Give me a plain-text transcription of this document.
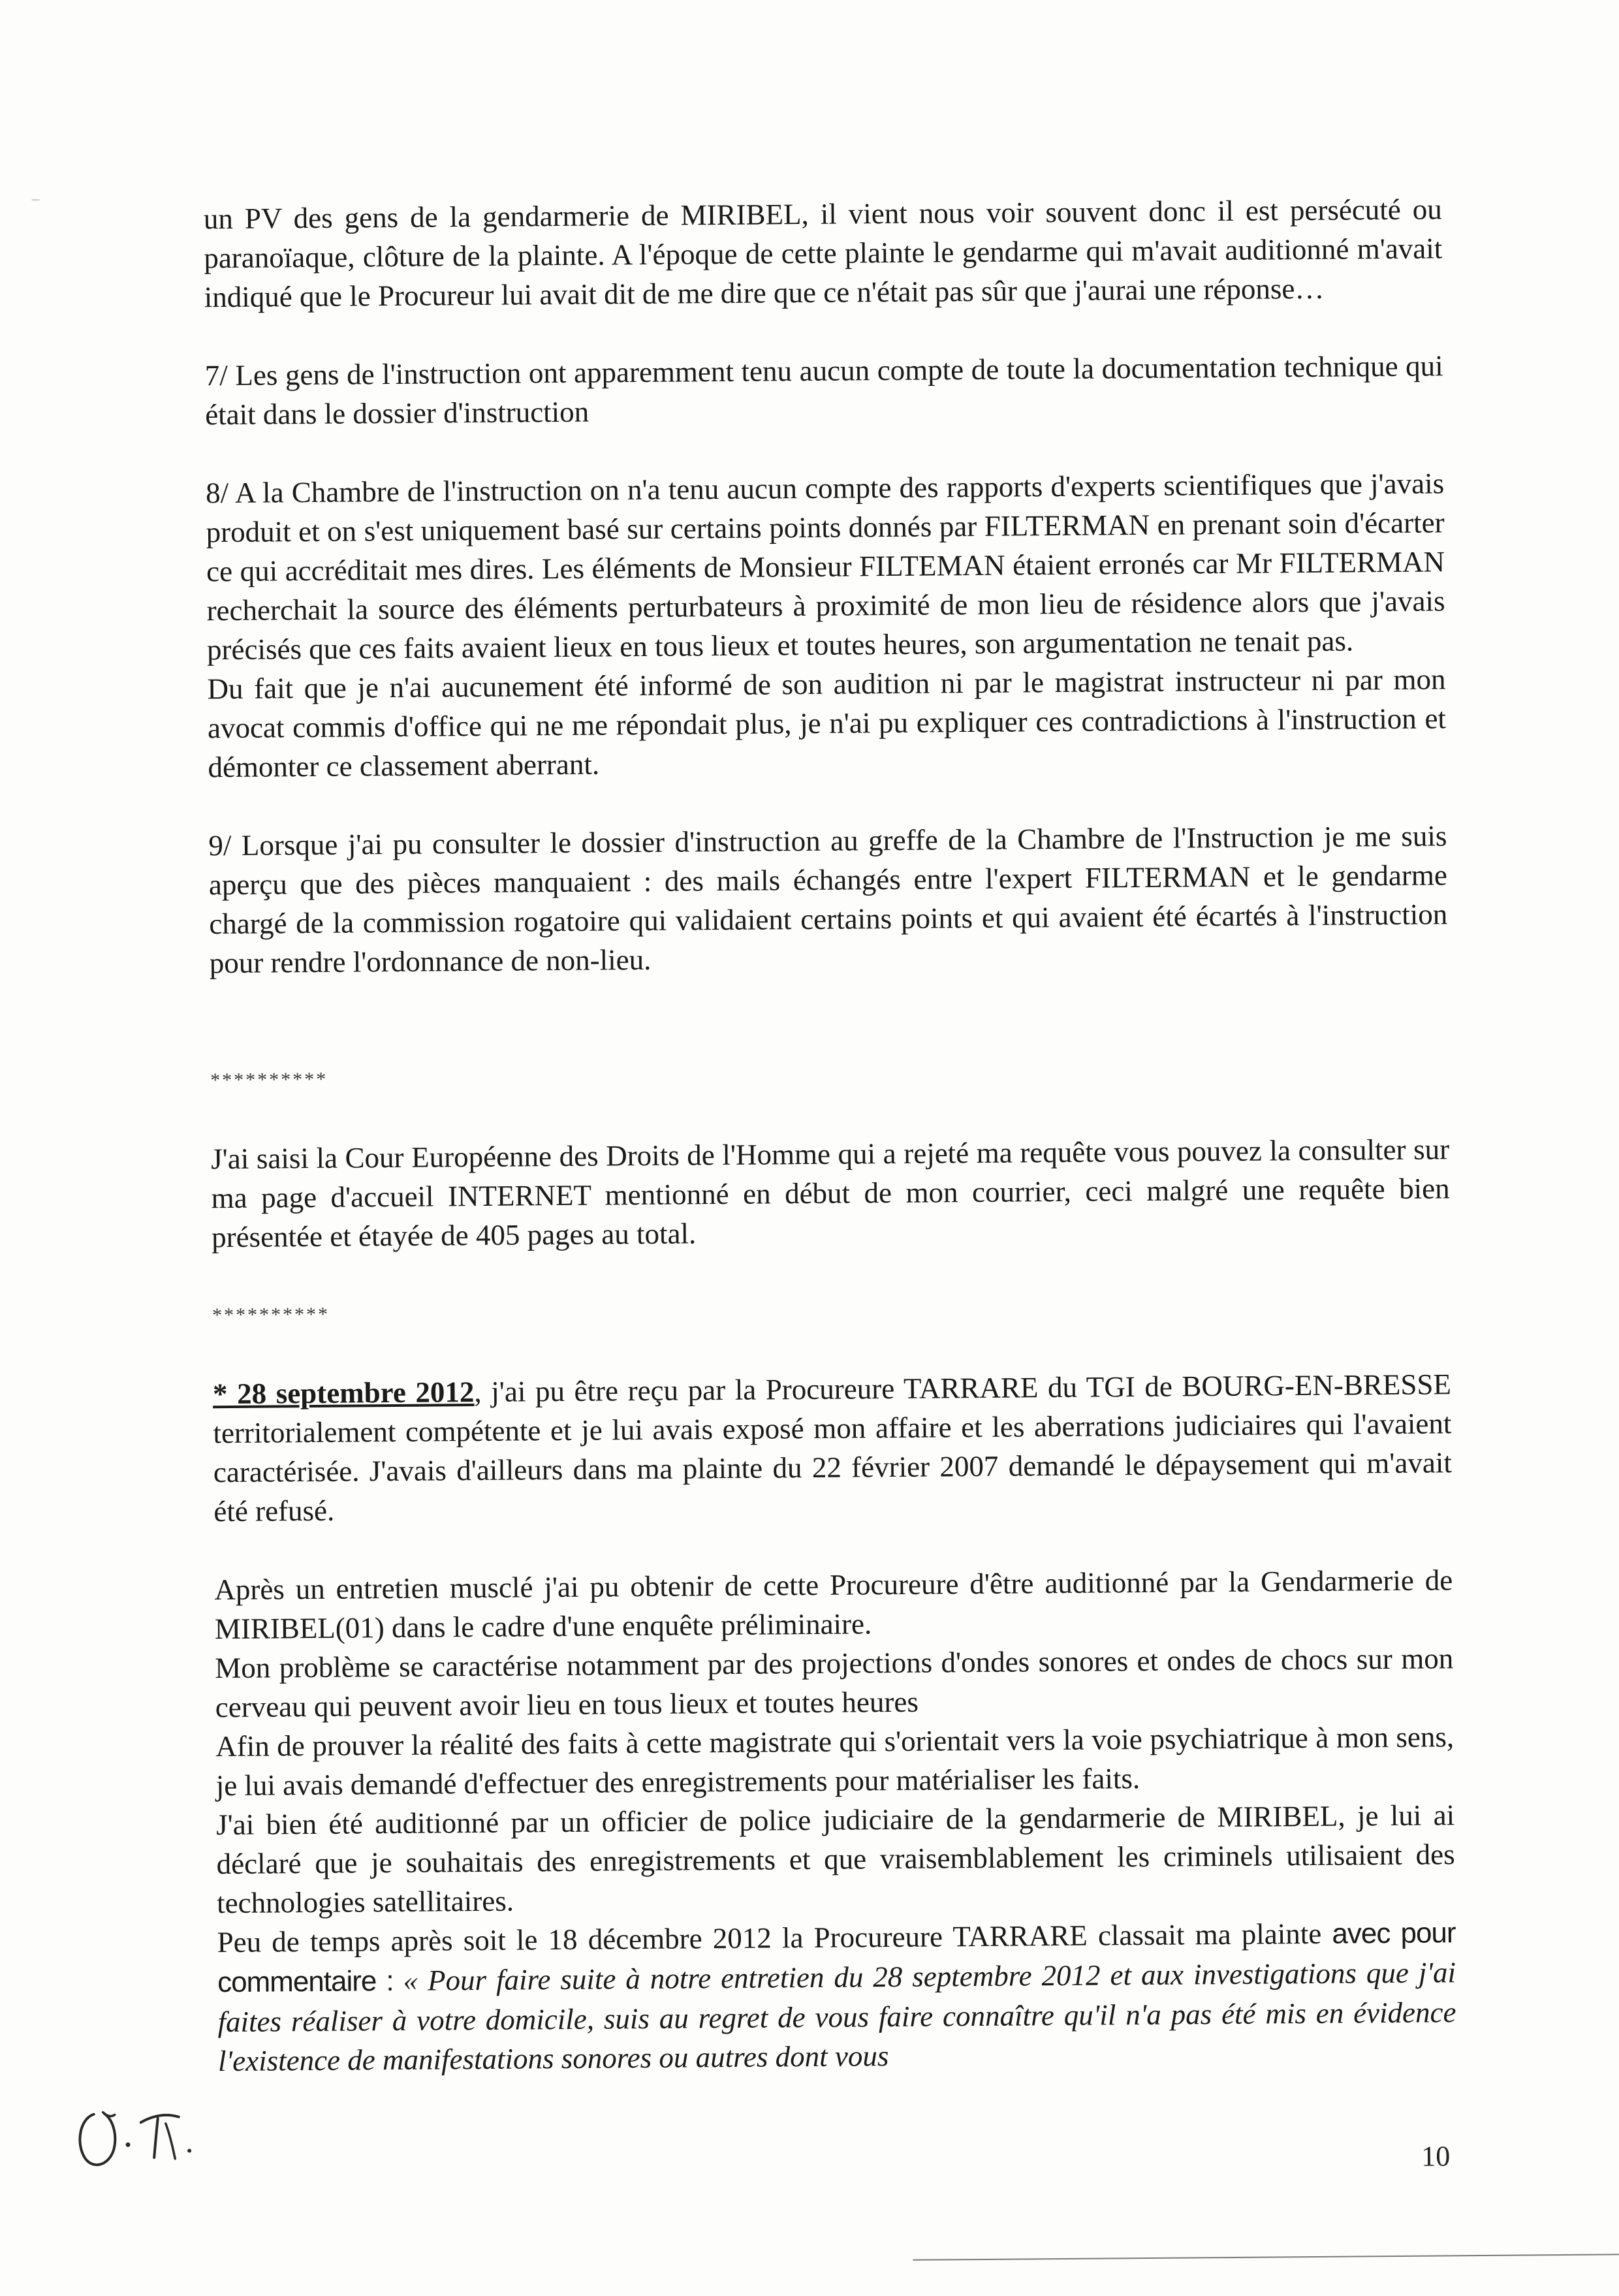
un PV des gens de la gendarmerie de MIRIBEL, il vient nous voir souvent donc il est persécuté ou paranoïaque, clôture de la plainte. A l'époque de cette plainte le gendarme qui m'avait auditionné m'avait indiqué que le Procureur lui avait dit de me dire que ce n'était pas sûr que j'aurai une réponse…

7/ Les gens de l'instruction ont apparemment tenu aucun compte de toute la documentation technique qui était dans le dossier d'instruction

8/ A la Chambre de l'instruction on n'a tenu aucun compte des rapports d'experts scientifiques que j'avais produit et on s'est uniquement basé sur certains points donnés par FILTERMAN en prenant soin d'écarter ce qui accréditait mes dires. Les éléments de Monsieur FILTEMAN étaient erronés car Mr FILTERMAN recherchait la source des éléments perturbateurs à proximité de mon lieu de résidence alors que j'avais précisés que ces faits avaient lieux en tous lieux et toutes heures, son argumentation ne tenait pas.

Du fait que je n'ai aucunement été informé de son audition ni par le magistrat instructeur ni par mon avocat commis d'office qui ne me répondait plus, je n'ai pu expliquer ces contradictions à l'instruction et démonter ce classement aberrant.

9/ Lorsque j'ai pu consulter le dossier d'instruction au greffe de la Chambre de l'Instruction je me suis aperçu que des pièces manquaient : des mails échangés entre l'expert FILTERMAN et le gendarme chargé de la commission rogatoire qui validaient certains points et qui avaient été écartés à l'instruction pour rendre l'ordonnance de non-lieu.

**********

J'ai saisi la Cour Européenne des Droits de l'Homme qui a rejeté ma requête vous pouvez la consulter sur ma page d'accueil INTERNET mentionné en début de mon courrier, ceci malgré une requête bien présentée et étayée de 405 pages au total.

**********

* 28 septembre 2012, j'ai pu être reçu par la Procureure TARRARE du TGI de BOURG-EN-BRESSE territorialement compétente et je lui avais exposé mon affaire et les aberrations judiciaires qui l'avaient caractérisée. J'avais d'ailleurs dans ma plainte du 22 février 2007 demandé le dépaysement qui m'avait été refusé.

Après un entretien musclé j'ai pu obtenir de cette Procureure d'être auditionné par la Gendarmerie de MIRIBEL(01) dans le cadre d'une enquête préliminaire.

Mon problème se caractérise notamment par des projections d'ondes sonores et ondes de chocs sur mon cerveau qui peuvent avoir lieu en tous lieux et toutes heures

Afin de prouver la réalité des faits à cette magistrate qui s'orientait vers la voie psychiatrique à mon sens, je lui avais demandé d'effectuer des enregistrements pour matérialiser les faits.

J'ai bien été auditionné par un officier de police judiciaire de la gendarmerie de MIRIBEL, je lui ai déclaré que je souhaitais des enregistrements et que vraisemblablement les criminels utilisaient des technologies satellitaires.

Peu de temps après soit le 18 décembre 2012 la Procureure TARRARE classait ma plainte avec pour commentaire : « Pour faire suite à notre entretien du 28 septembre 2012 et aux investigations que j'ai faites réaliser à votre domicile, suis au regret de vous faire connaître qu'il n'a pas été mis en évidence l'existence de manifestations sonores ou autres dont vous

10
